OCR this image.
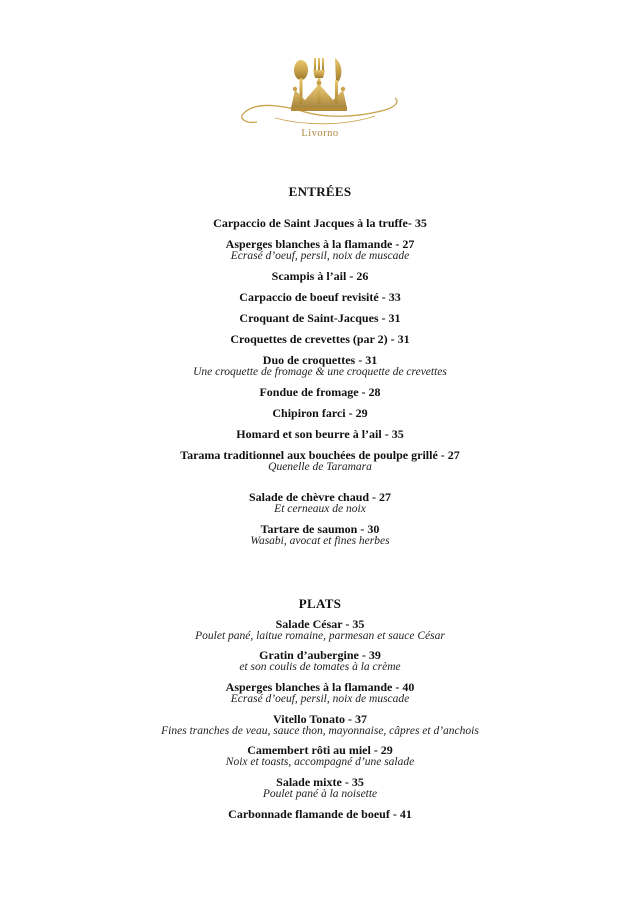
Livorno
ENTRÉES
Carpaccio de Saint Jacques à la truffe- 35
Asperges blanches à la flamande - 27
Ecrasé d’oeuf, persil, noix de muscade
Scampis à l’ail - 26
Carpaccio de boeuf revisité - 33
Croquant de Saint-Jacques - 31
Croquettes de crevettes (par 2) - 31
Duo de croquettes - 31
Une croquette de fromage & une croquette de crevettes
Fondue de fromage - 28
Chipiron farci - 29
Homard et son beurre à l’ail - 35
Tarama traditionnel aux bouchées de poulpe grillé - 27
Quenelle de Taramara
Salade de chèvre chaud - 27
Et cerneaux de noix
Tartare de saumon - 30
Wasabi, avocat et fines herbes
PLATS
Salade César - 35
Poulet pané, laitue romaine, parmesan et sauce César
Gratin d’aubergine - 39
et son coulis de tomates à la crème
Asperges blanches à la flamande - 40
Ecrasé d’oeuf, persil, noix de muscade
Vitello Tonato - 37
Fines tranches de veau, sauce thon, mayonnaise, câpres et d’anchois
Camembert rôti au miel - 29
Noix et toasts, accompagné d’une salade
Salade mixte - 35
Poulet pané à la noisette
Carbonnade flamande de boeuf - 41
